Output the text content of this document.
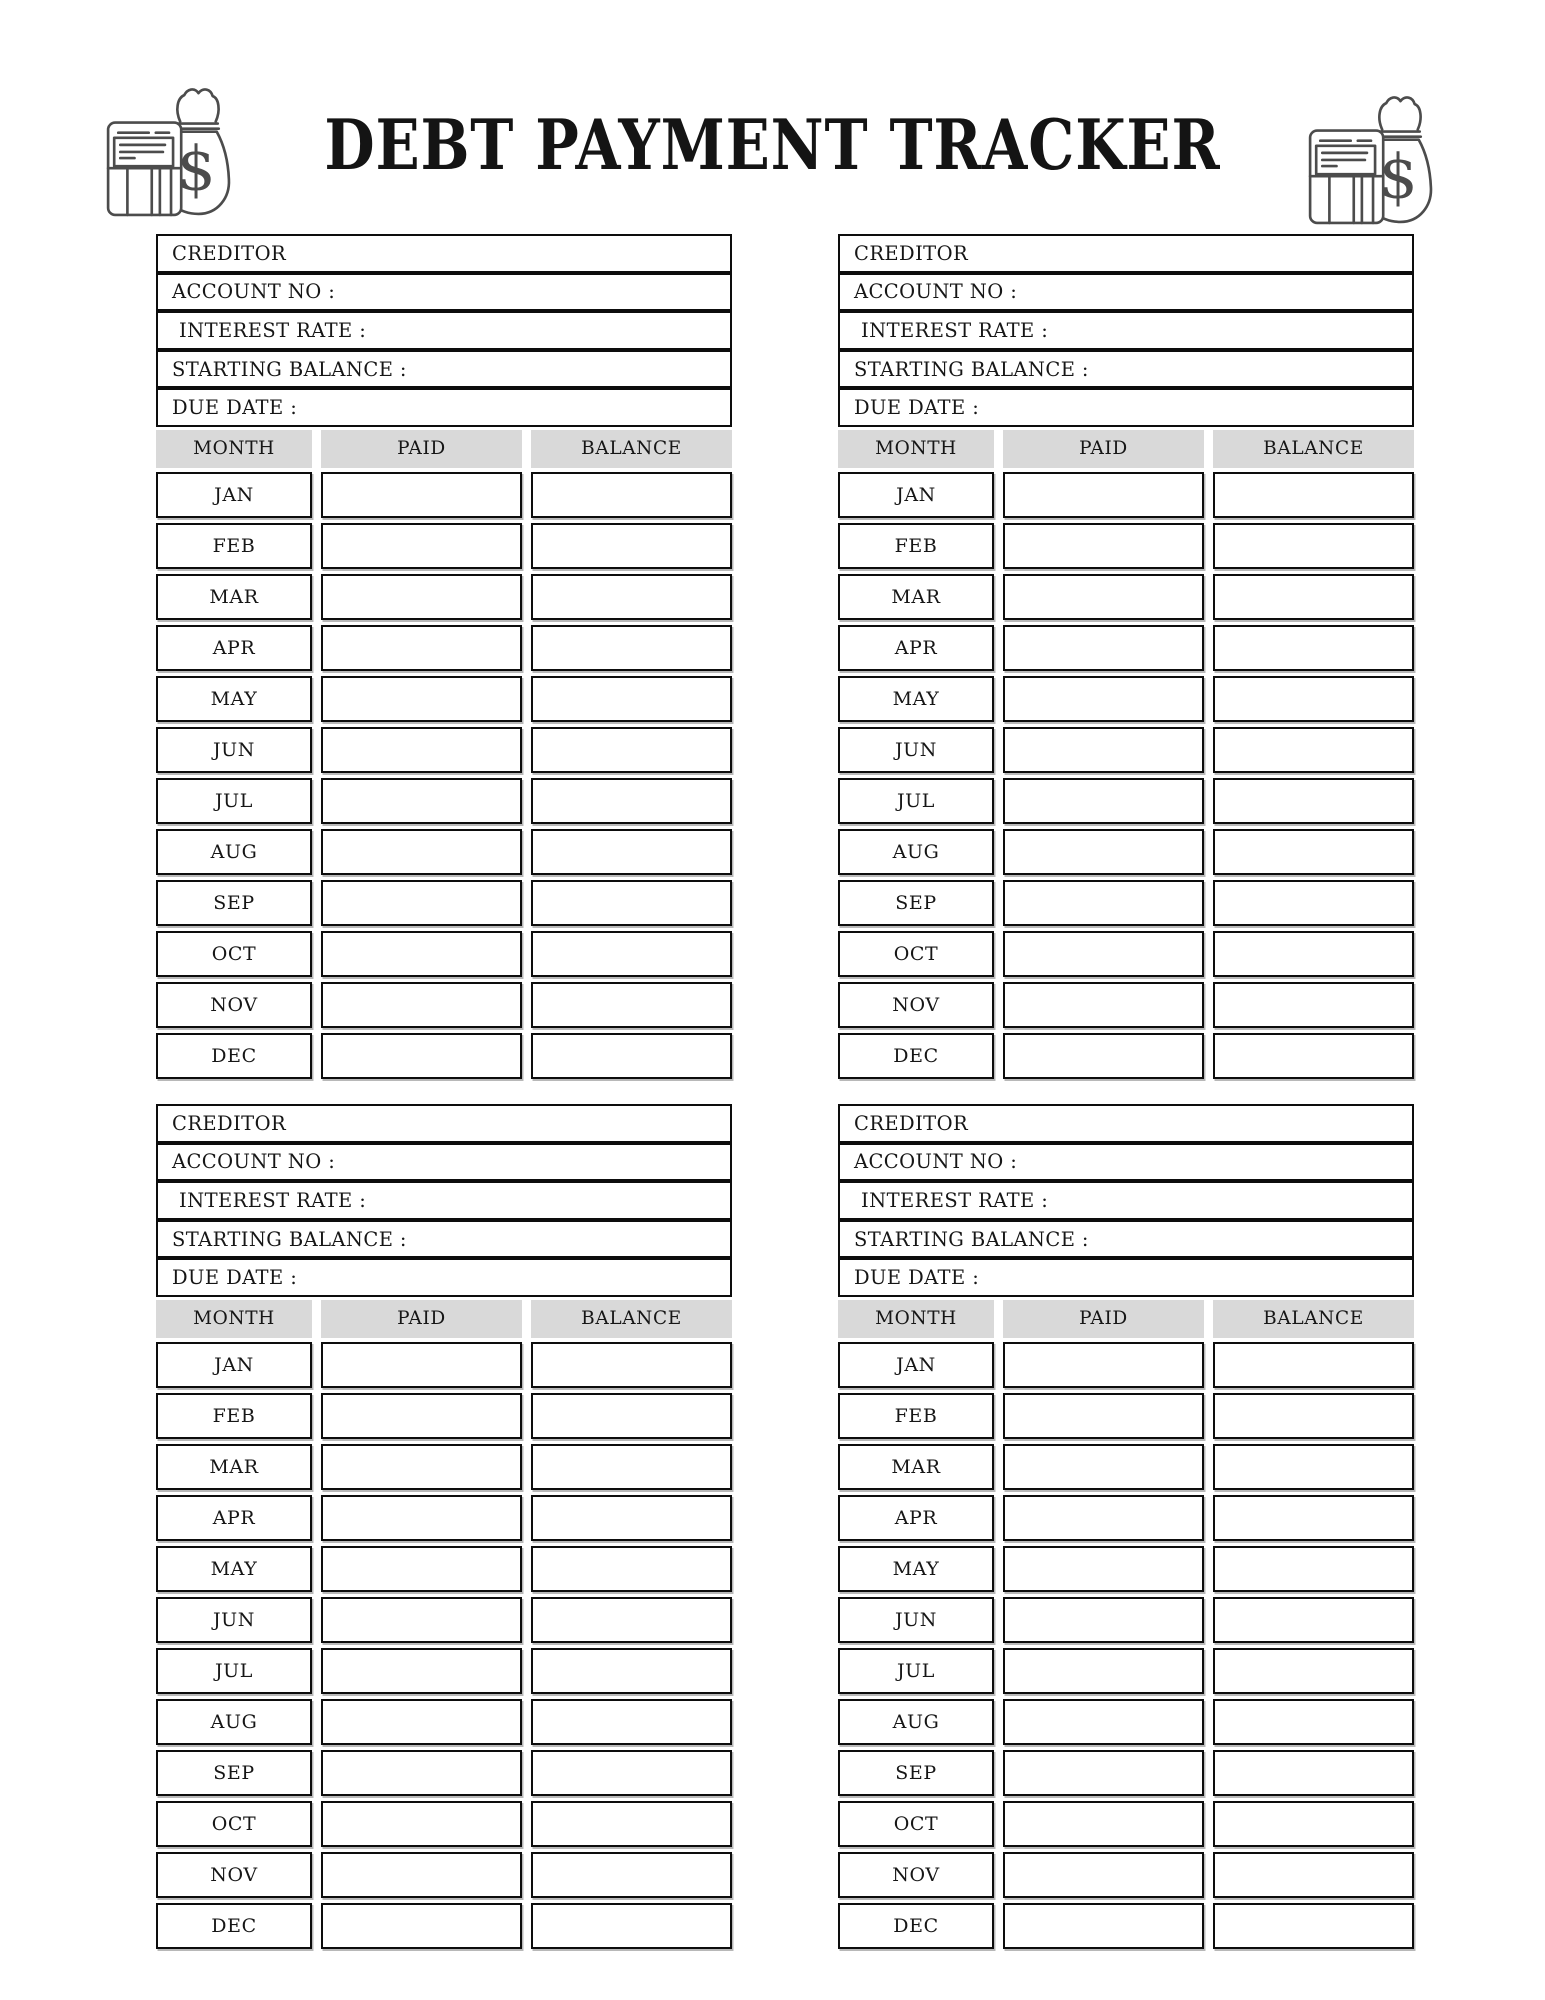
$	DEBT PAYMENT TRACKER	$
CREDITOR
ACCOUNT NO :
INTEREST RATE :
STARTING BALANCE :
DUE DATE :
MONTH	PAID	BALANCE
JAN
FEB
MAR
APR
MAY
JUN
JUL
AUG
SEP
OCT
NOV
DEC
CREDITOR
ACCOUNT NO :
INTEREST RATE :
STARTING BALANCE :
DUE DATE :
MONTH	PAID	BALANCE
JAN
FEB
MAR
APR
MAY
JUN
JUL
AUG
SEP
OCT
NOV
DEC
CREDITOR
ACCOUNT NO :
INTEREST RATE :
STARTING BALANCE :
DUE DATE :
MONTH	PAID	BALANCE
JAN
FEB
MAR
APR
MAY
JUN
JUL
AUG
SEP
OCT
NOV
DEC
CREDITOR
ACCOUNT NO :
INTEREST RATE :
STARTING BALANCE :
DUE DATE :
MONTH	PAID	BALANCE
JAN
FEB
MAR
APR
MAY
JUN
JUL
AUG
SEP
OCT
NOV
DEC
